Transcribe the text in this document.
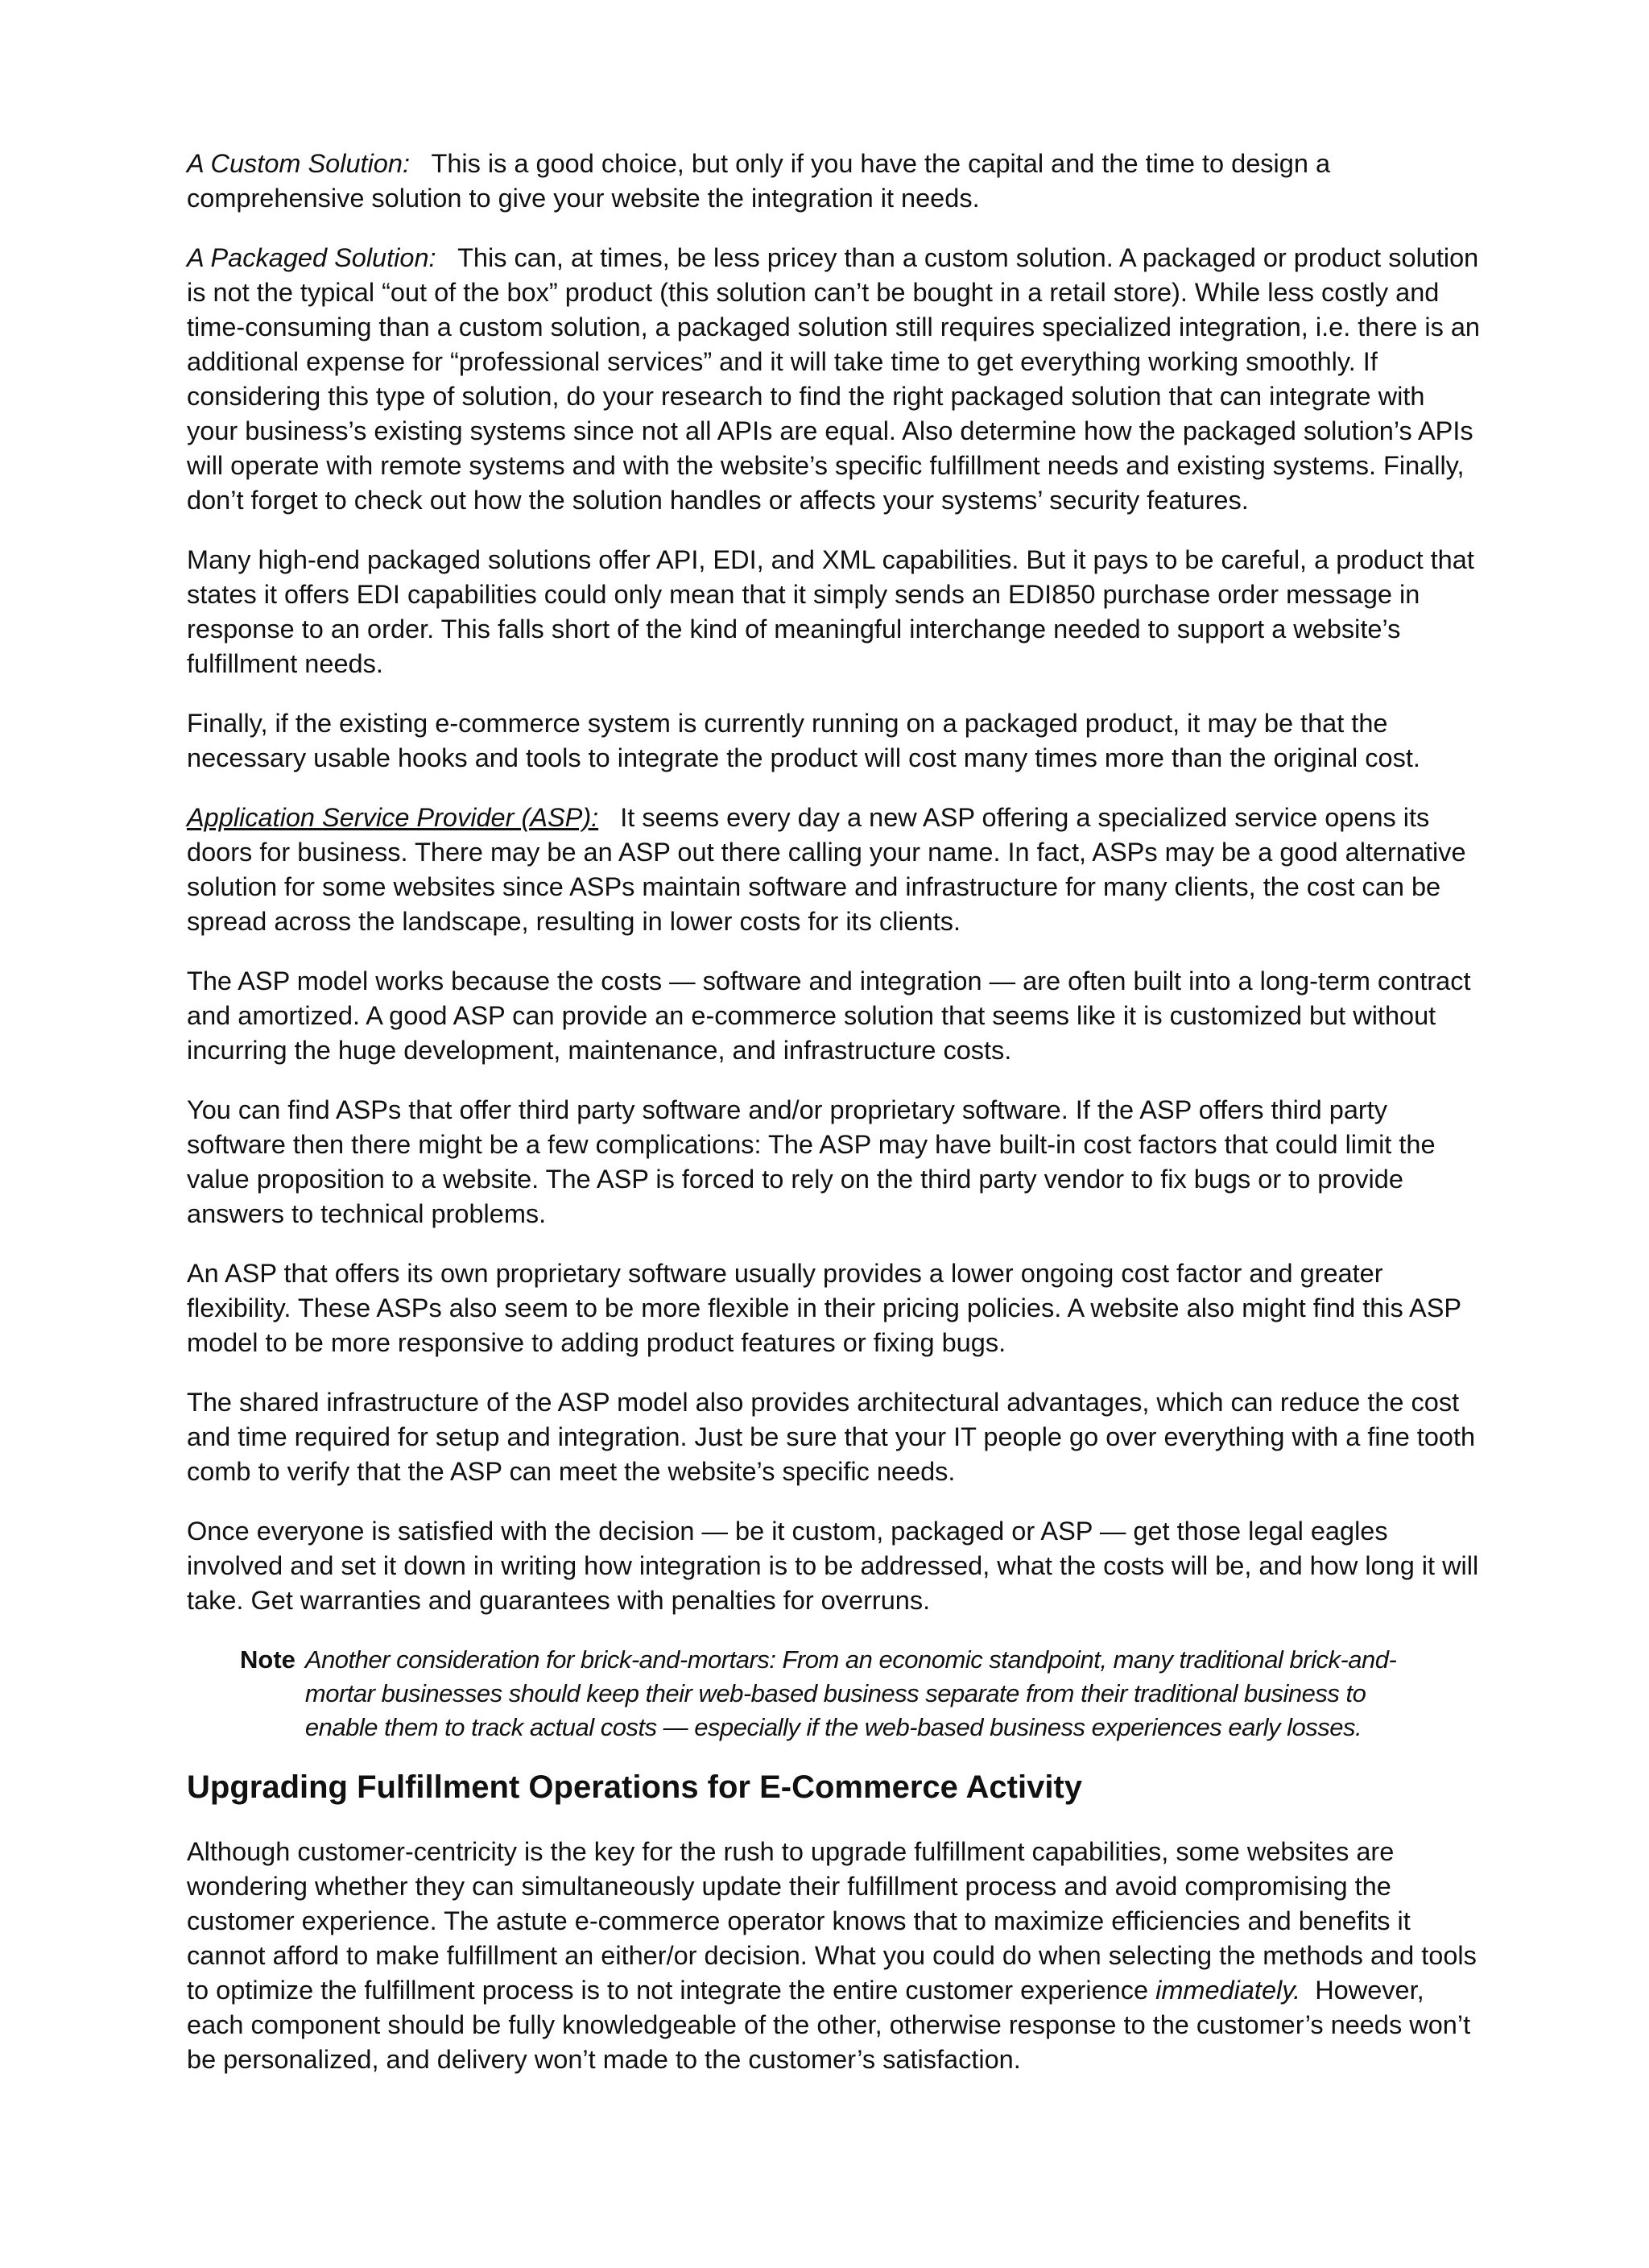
A Custom Solution: This is a good choice, but only if you have the capital and the time to design a comprehensive solution to give your website the integration it needs.

A Packaged Solution: This can, at times, be less pricey than a custom solution. A packaged or product solution is not the typical “out of the box” product (this solution can’t be bought in a retail store). While less costly and time-consuming than a custom solution, a packaged solution still requires specialized integration, i.e. there is an additional expense for “professional services” and it will take time to get everything working smoothly. If considering this type of solution, do your research to find the right packaged solution that can integrate with your business’s existing systems since not all APIs are equal. Also determine how the packaged solution’s APIs will operate with remote systems and with the website’s specific fulfillment needs and existing systems. Finally, don’t forget to check out how the solution handles or affects your systems’ security features.

Many high-end packaged solutions offer API, EDI, and XML capabilities. But it pays to be careful, a product that states it offers EDI capabilities could only mean that it simply sends an EDI850 purchase order message in response to an order. This falls short of the kind of meaningful interchange needed to support a website’s fulfillment needs.

Finally, if the existing e-commerce system is currently running on a packaged product, it may be that the necessary usable hooks and tools to integrate the product will cost many times more than the original cost.

Application Service Provider (ASP): It seems every day a new ASP offering a specialized service opens its doors for business. There may be an ASP out there calling your name. In fact, ASPs may be a good alternative solution for some websites since ASPs maintain software and infrastructure for many clients, the cost can be spread across the landscape, resulting in lower costs for its clients.

The ASP model works because the costs — software and integration — are often built into a long-term contract and amortized. A good ASP can provide an e-commerce solution that seems like it is customized but without incurring the huge development, maintenance, and infrastructure costs.

You can find ASPs that offer third party software and/or proprietary software. If the ASP offers third party software then there might be a few complications: The ASP may have built-in cost factors that could limit the value proposition to a website. The ASP is forced to rely on the third party vendor to fix bugs or to provide answers to technical problems.

An ASP that offers its own proprietary software usually provides a lower ongoing cost factor and greater flexibility. These ASPs also seem to be more flexible in their pricing policies. A website also might find this ASP model to be more responsive to adding product features or fixing bugs.

The shared infrastructure of the ASP model also provides architectural advantages, which can reduce the cost and time required for setup and integration. Just be sure that your IT people go over everything with a fine tooth comb to verify that the ASP can meet the website’s specific needs.

Once everyone is satisfied with the decision — be it custom, packaged or ASP — get those legal eagles involved and set it down in writing how integration is to be addressed, what the costs will be, and how long it will take. Get warranties and guarantees with penalties for overruns.

Note Another consideration for brick-and-mortars: From an economic standpoint, many traditional brick-and-mortar businesses should keep their web-based business separate from their traditional business to enable them to track actual costs — especially if the web-based business experiences early losses.
Upgrading Fulfillment Operations for E-Commerce Activity

Although customer-centricity is the key for the rush to upgrade fulfillment capabilities, some websites are wondering whether they can simultaneously update their fulfillment process and avoid compromising the customer experience. The astute e-commerce operator knows that to maximize efficiencies and benefits it cannot afford to make fulfillment an either/or decision. What you could do when selecting the methods and tools to optimize the fulfillment process is to not integrate the entire customer experience immediately. However, each component should be fully knowledgeable of the other, otherwise response to the customer’s needs won’t be personalized, and delivery won’t made to the customer’s satisfaction.
